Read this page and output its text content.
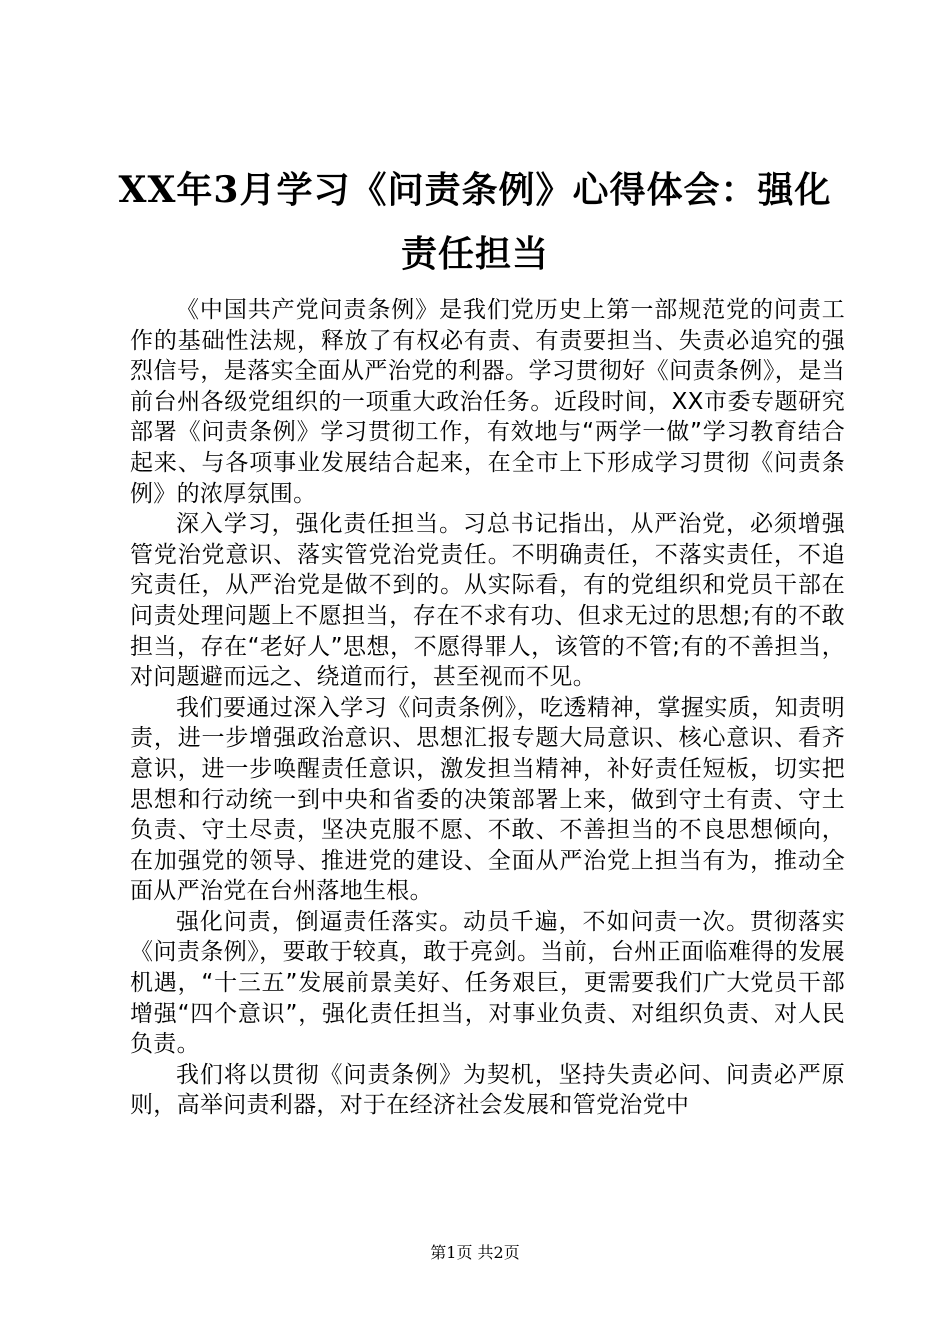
XX年3月学习《问责条例》心得体会：强化责任担当

《中国共产党问责条例》是我们党历史上第一部规范党的问责工作的基础性法规，释放了有权必有责、有责要担当、失责必追究的强烈信号，是落实全面从严治党的利器。学习贯彻好《问责条例》，是当前台州各级党组织的一项重大政治任务。近段时间，XX市委专题研究部署《问责条例》学习贯彻工作，有效地与“两学一做”学习教育结合起来、与各项事业发展结合起来，在全市上下形成学习贯彻《问责条例》的浓厚氛围。

深入学习，强化责任担当。习总书记指出，从严治党，必须增强管党治党意识、落实管党治党责任。不明确责任，不落实责任，不追究责任，从严治党是做不到的。从实际看，有的党组织和党员干部在问责处理问题上不愿担当，存在不求有功、但求无过的思想;有的不敢担当，存在“老好人”思想，不愿得罪人，该管的不管;有的不善担当，对问题避而远之、绕道而行，甚至视而不见。

我们要通过深入学习《问责条例》，吃透精神，掌握实质，知责明责，进一步增强政治意识、思想汇报专题大局意识、核心意识、看齐意识，进一步唤醒责任意识，激发担当精神，补好责任短板，切实把思想和行动统一到中央和省委的决策部署上来，做到守土有责、守土负责、守土尽责，坚决克服不愿、不敢、不善担当的不良思想倾向，在加强党的领导、推进党的建设、全面从严治党上担当有为，推动全面从严治党在台州落地生根。

强化问责，倒逼责任落实。动员千遍，不如问责一次。贯彻落实《问责条例》，要敢于较真，敢于亮剑。当前，台州正面临难得的发展机遇，“十三五”发展前景美好、任务艰巨，更需要我们广大党员干部增强“四个意识”，强化责任担当，对事业负责、对组织负责、对人民负责。

我们将以贯彻《问责条例》为契机，坚持失责必问、问责必严原则，高举问责利器，对于在经济社会发展和管党治党中

第1页 共2页
